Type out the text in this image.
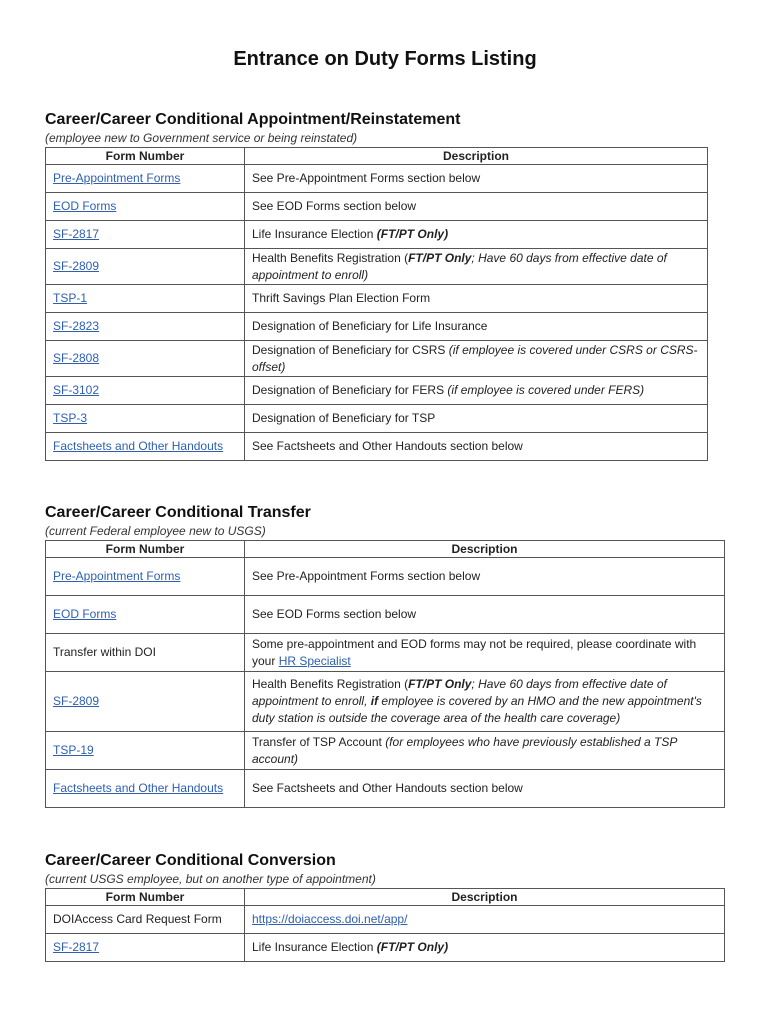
Entrance on Duty Forms Listing

Career/Career Conditional Appointment/Reinstatement

(employee new to Government service or being reinstated)

Form Number	Description
Pre-Appointment Forms	See Pre-Appointment Forms section below
EOD Forms	See EOD Forms section below
SF-2817	Life Insurance Election (FT/PT Only)
SF-2809	Health Benefits Registration (FT/PT Only; Have 60 days from effective date of appointment to enroll)
TSP-1	Thrift Savings Plan Election Form
SF-2823	Designation of Beneficiary for Life Insurance
SF-2808	Designation of Beneficiary for CSRS (if employee is covered under CSRS or CSRS-offset)
SF-3102	Designation of Beneficiary for FERS (if employee is covered under FERS)
TSP-3	Designation of Beneficiary for TSP
Factsheets and Other Handouts	See Factsheets and Other Handouts section below

Career/Career Conditional Transfer

(current Federal employee new to USGS)

Form Number	Description
Pre-Appointment Forms	See Pre-Appointment Forms section below
EOD Forms	See EOD Forms section below
Transfer within DOI	Some pre-appointment and EOD forms may not be required, please coordinate with your HR Specialist
SF-2809	Health Benefits Registration (FT/PT Only; Have 60 days from effective date of appointment to enroll, if employee is covered by an HMO and the new appointment's duty station is outside the coverage area of the health care coverage)
TSP-19	Transfer of TSP Account (for employees who have previously established a TSP account)
Factsheets and Other Handouts	See Factsheets and Other Handouts section below

Career/Career Conditional Conversion

(current USGS employee, but on another type of appointment)

Form Number	Description
DOIAccess Card Request Form	https://doiaccess.doi.net/app/
SF-2817	Life Insurance Election (FT/PT Only)
